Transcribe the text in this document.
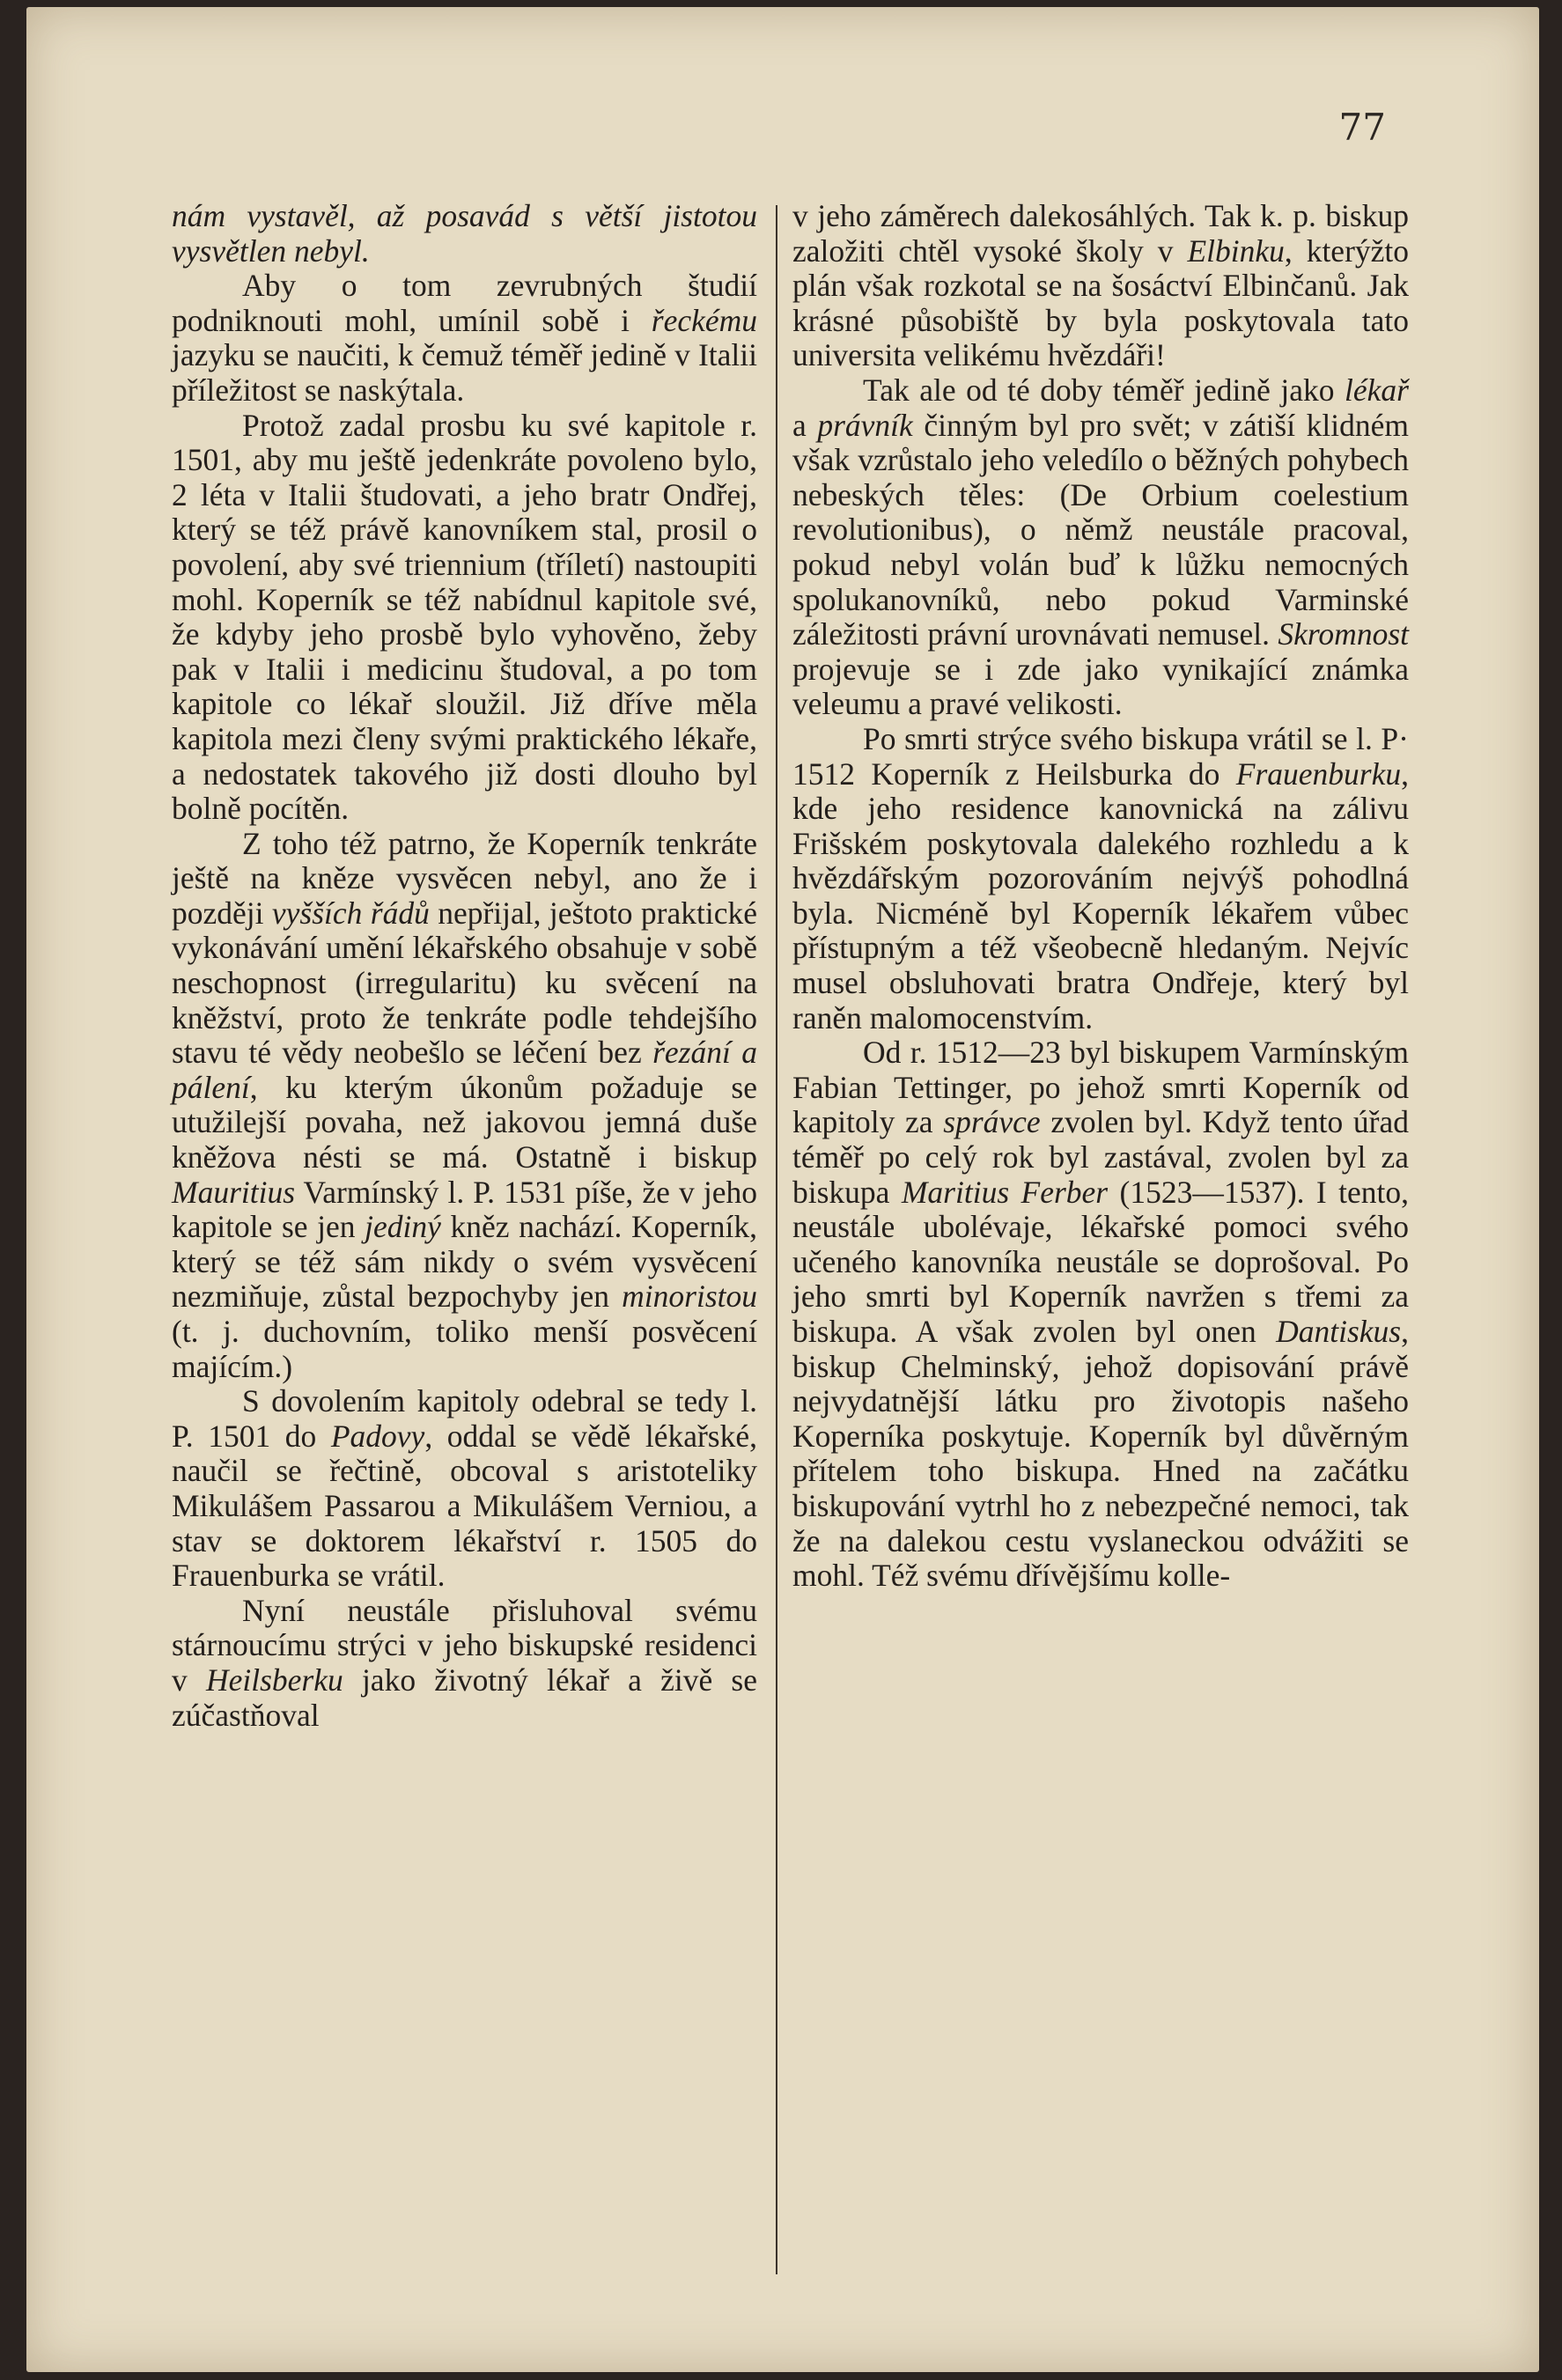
77

nám vystavěl, až posavád s větší jistotou vysvětlen nebyl.

Aby o tom zevrubných študií podniknouti mohl, umínil sobě i řeckému jazyku se naučiti, k čemuž téměř jedině v Italii příležitost se naskýtala.

Protož zadal prosbu ku své kapitole r. 1501, aby mu ještě jedenkráte povoleno bylo, 2 léta v Italii študovati, a jeho bratr Ondřej, který se též právě kanovníkem stal, prosil o povolení, aby své triennium (tříletí) nastoupiti mohl. Koperník se též nabídnul kapitole své, že kdyby jeho prosbě bylo vyhověno, žeby pak v Italii i medicinu študoval, a po tom kapitole co lékař sloužil. Již dříve měla kapitola mezi členy svými praktického lékaře, a nedostatek takového již dosti dlouho byl bolně pocítěn.

Z toho též patrno, že Koperník tenkráte ještě na kněze vysvěcen nebyl, ano že i později vyšších řádů nepřijal, ještoto praktické vykonávání umění lékařského obsahuje v sobě neschopnost (irregularitu) ku svěcení na kněžství, proto že tenkráte podle tehdejšího stavu té vědy neobešlo se léčení bez řezání a pálení, ku kterým úkonům požaduje se utužilejší povaha, než jakovou jemná duše kněžova nésti se má. Ostatně i biskup Mauritius Varmínský l. P. 1531 píše, že v jeho kapitole se jen jediný kněz nachází. Koperník, který se též sám nikdy o svém vysvěcení nezmiňuje, zůstal bezpochyby jen minoristou (t. j. duchovním, toliko menší posvěcení majícím.)

S dovolením kapitoly odebral se tedy l. P. 1501 do Padovy, oddal se vědě lékařské, naučil se řečtině, obcoval s aristoteliky Mikulášem Passarou a Mikulášem Verniou, a stav se doktorem lékařství r. 1505 do Frauenburka se vrátil.

Nyní neustále přisluhoval svému stárnoucímu strýci v jeho biskupské residenci v Heilsberku jako životný lékař a živě se zúčastňoval

v jeho záměrech dalekosáhlých. Tak k. p. biskup založiti chtěl vysoké školy v Elbinku, kterýžto plán však rozkotal se na šosáctví Elbinčanů. Jak krásné působiště by byla poskytovala tato universita velikému hvězdáři!

Tak ale od té doby téměř jedině jako lékař a právník činným byl pro svět; v zátiší klidném však vzrůstalo jeho veledílo o běžných pohybech nebeských těles: (De Orbium coelestium revolutionibus), o němž neustále pracoval, pokud nebyl volán buď k lůžku nemocných spolukanovníků, nebo pokud Varminské záležitosti právní urovnávati nemusel. Skromnost projevuje se i zde jako vynikající známka veleumu a pravé velikosti.

Po smrti strýce svého biskupa vrátil se l. P· 1512 Koperník z Heilsburka do Frauenburku, kde jeho residence kanovnická na zálivu Frišském poskytovala dalekého rozhledu a k hvězdářským pozorováním nejvýš pohodlná byla. Nicméně byl Koperník lékařem vůbec přístupným a též všeobecně hledaným. Nejvíc musel obsluhovati bratra Ondřeje, který byl raněn malomocenstvím.

Od r. 1512—23 byl biskupem Varmínským Fabian Tettinger, po jehož smrti Koperník od kapitoly za správce zvolen byl. Když tento úřad téměř po celý rok byl zastával, zvolen byl za biskupa Maritius Ferber (1523—1537). I tento, neustále ubolévaje, lékařské pomoci svého učeného kanovníka neustále se doprošoval. Po jeho smrti byl Koperník navržen s třemi za biskupa. A však zvolen byl onen Dantiskus, biskup Chelminský, jehož dopisování právě nejvydatnější látku pro životopis našeho Koperníka poskytuje. Koperník byl důvěrným přítelem toho biskupa. Hned na začátku biskupování vytrhl ho z nebezpečné nemoci, tak že na dalekou cestu vyslaneckou odvážiti se mohl. Též svému dřívějšímu kolle-
